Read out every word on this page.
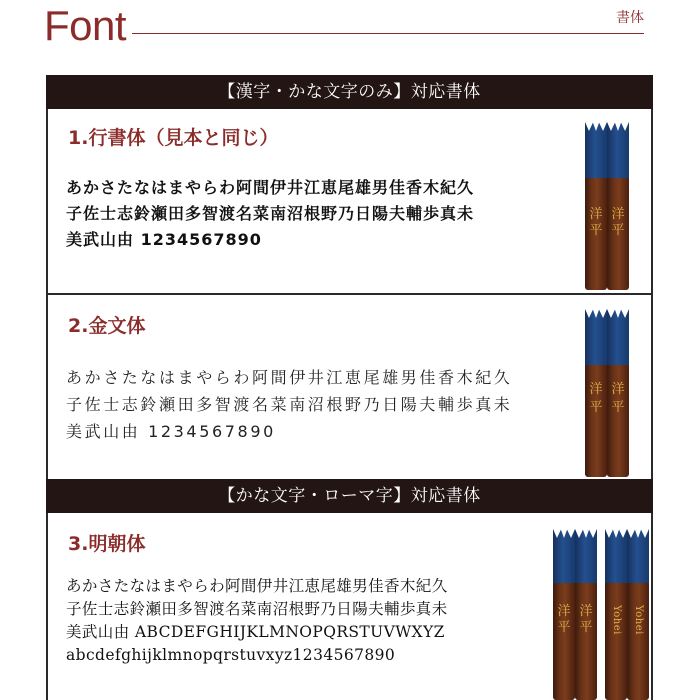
Font	書体
【漢字・かな文字のみ】対応書体
1.行書体（見本と同じ）
あかさたなはまやらわ阿間伊井江恵尾雄男佳香木紀久
子佐士志鈴瀬田多智渡名菜南沼根野乃日陽夫輔歩真未
美武山由 1234567890
洋
平
洋
平
2.金文体
あかさたなはまやらわ阿間伊井江恵尾雄男佳香木紀久
子佐士志鈴瀬田多智渡名菜南沼根野乃日陽夫輔歩真未
美武山由 1234567890
洋
平
洋
平
【かな文字・ローマ字】対応書体
3.明朝体
あかさたなはまやらわ阿間伊井江恵尾雄男佳香木紀久
子佐士志鈴瀬田多智渡名菜南沼根野乃日陽夫輔歩真未
美武山由 ABCDEFGHIJKLMNOPQRSTUVWXYZ
abcdefghijklmnopqrstuvxyz1234567890
洋
平
洋
平	Yohei Yohei
